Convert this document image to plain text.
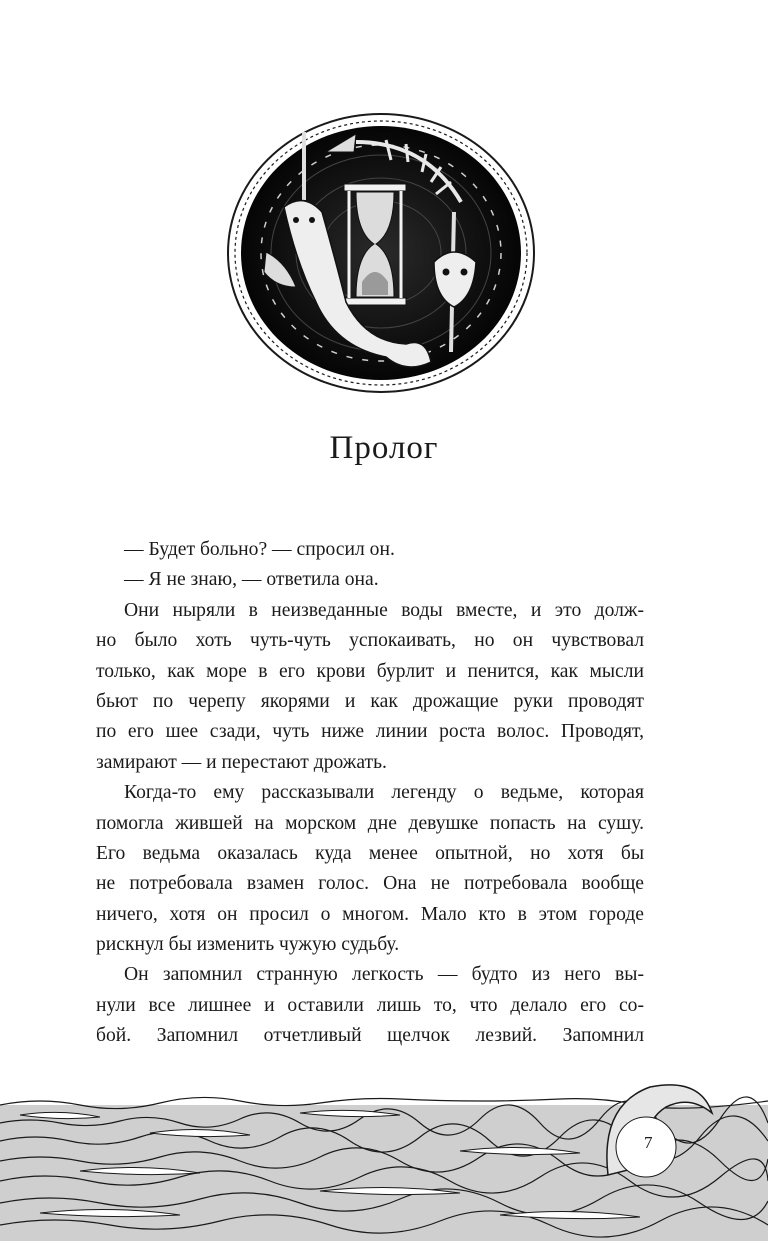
Пролог
— Будет больно? — спросил он.
— Я не знаю, — ответила она.
Они ныряли в неизведанные воды вместе, и это долж-
но было хоть чуть-чуть успокаивать, но он чувствовал
только, как море в его крови бурлит и пенится, как мысли
бьют по черепу якорями и как дрожащие руки проводят
по его шее сзади, чуть ниже линии роста волос. Проводят,
замирают — и перестают дрожать.
Когда-то ему рассказывали легенду о ведьме, которая
помогла жившей на морском дне девушке попасть на сушу.
Его ведьма оказалась куда менее опытной, но хотя бы
не потребовала взамен голос. Она не потребовала вообще
ничего, хотя он просил о многом. Мало кто в этом городе
рискнул бы изменить чужую судьбу.
Он запомнил странную легкость — будто из него вы-
нули все лишнее и оставили лишь то, что делало его со-
бой. Запомнил отчетливый щелчок лезвий. Запомнил
7
